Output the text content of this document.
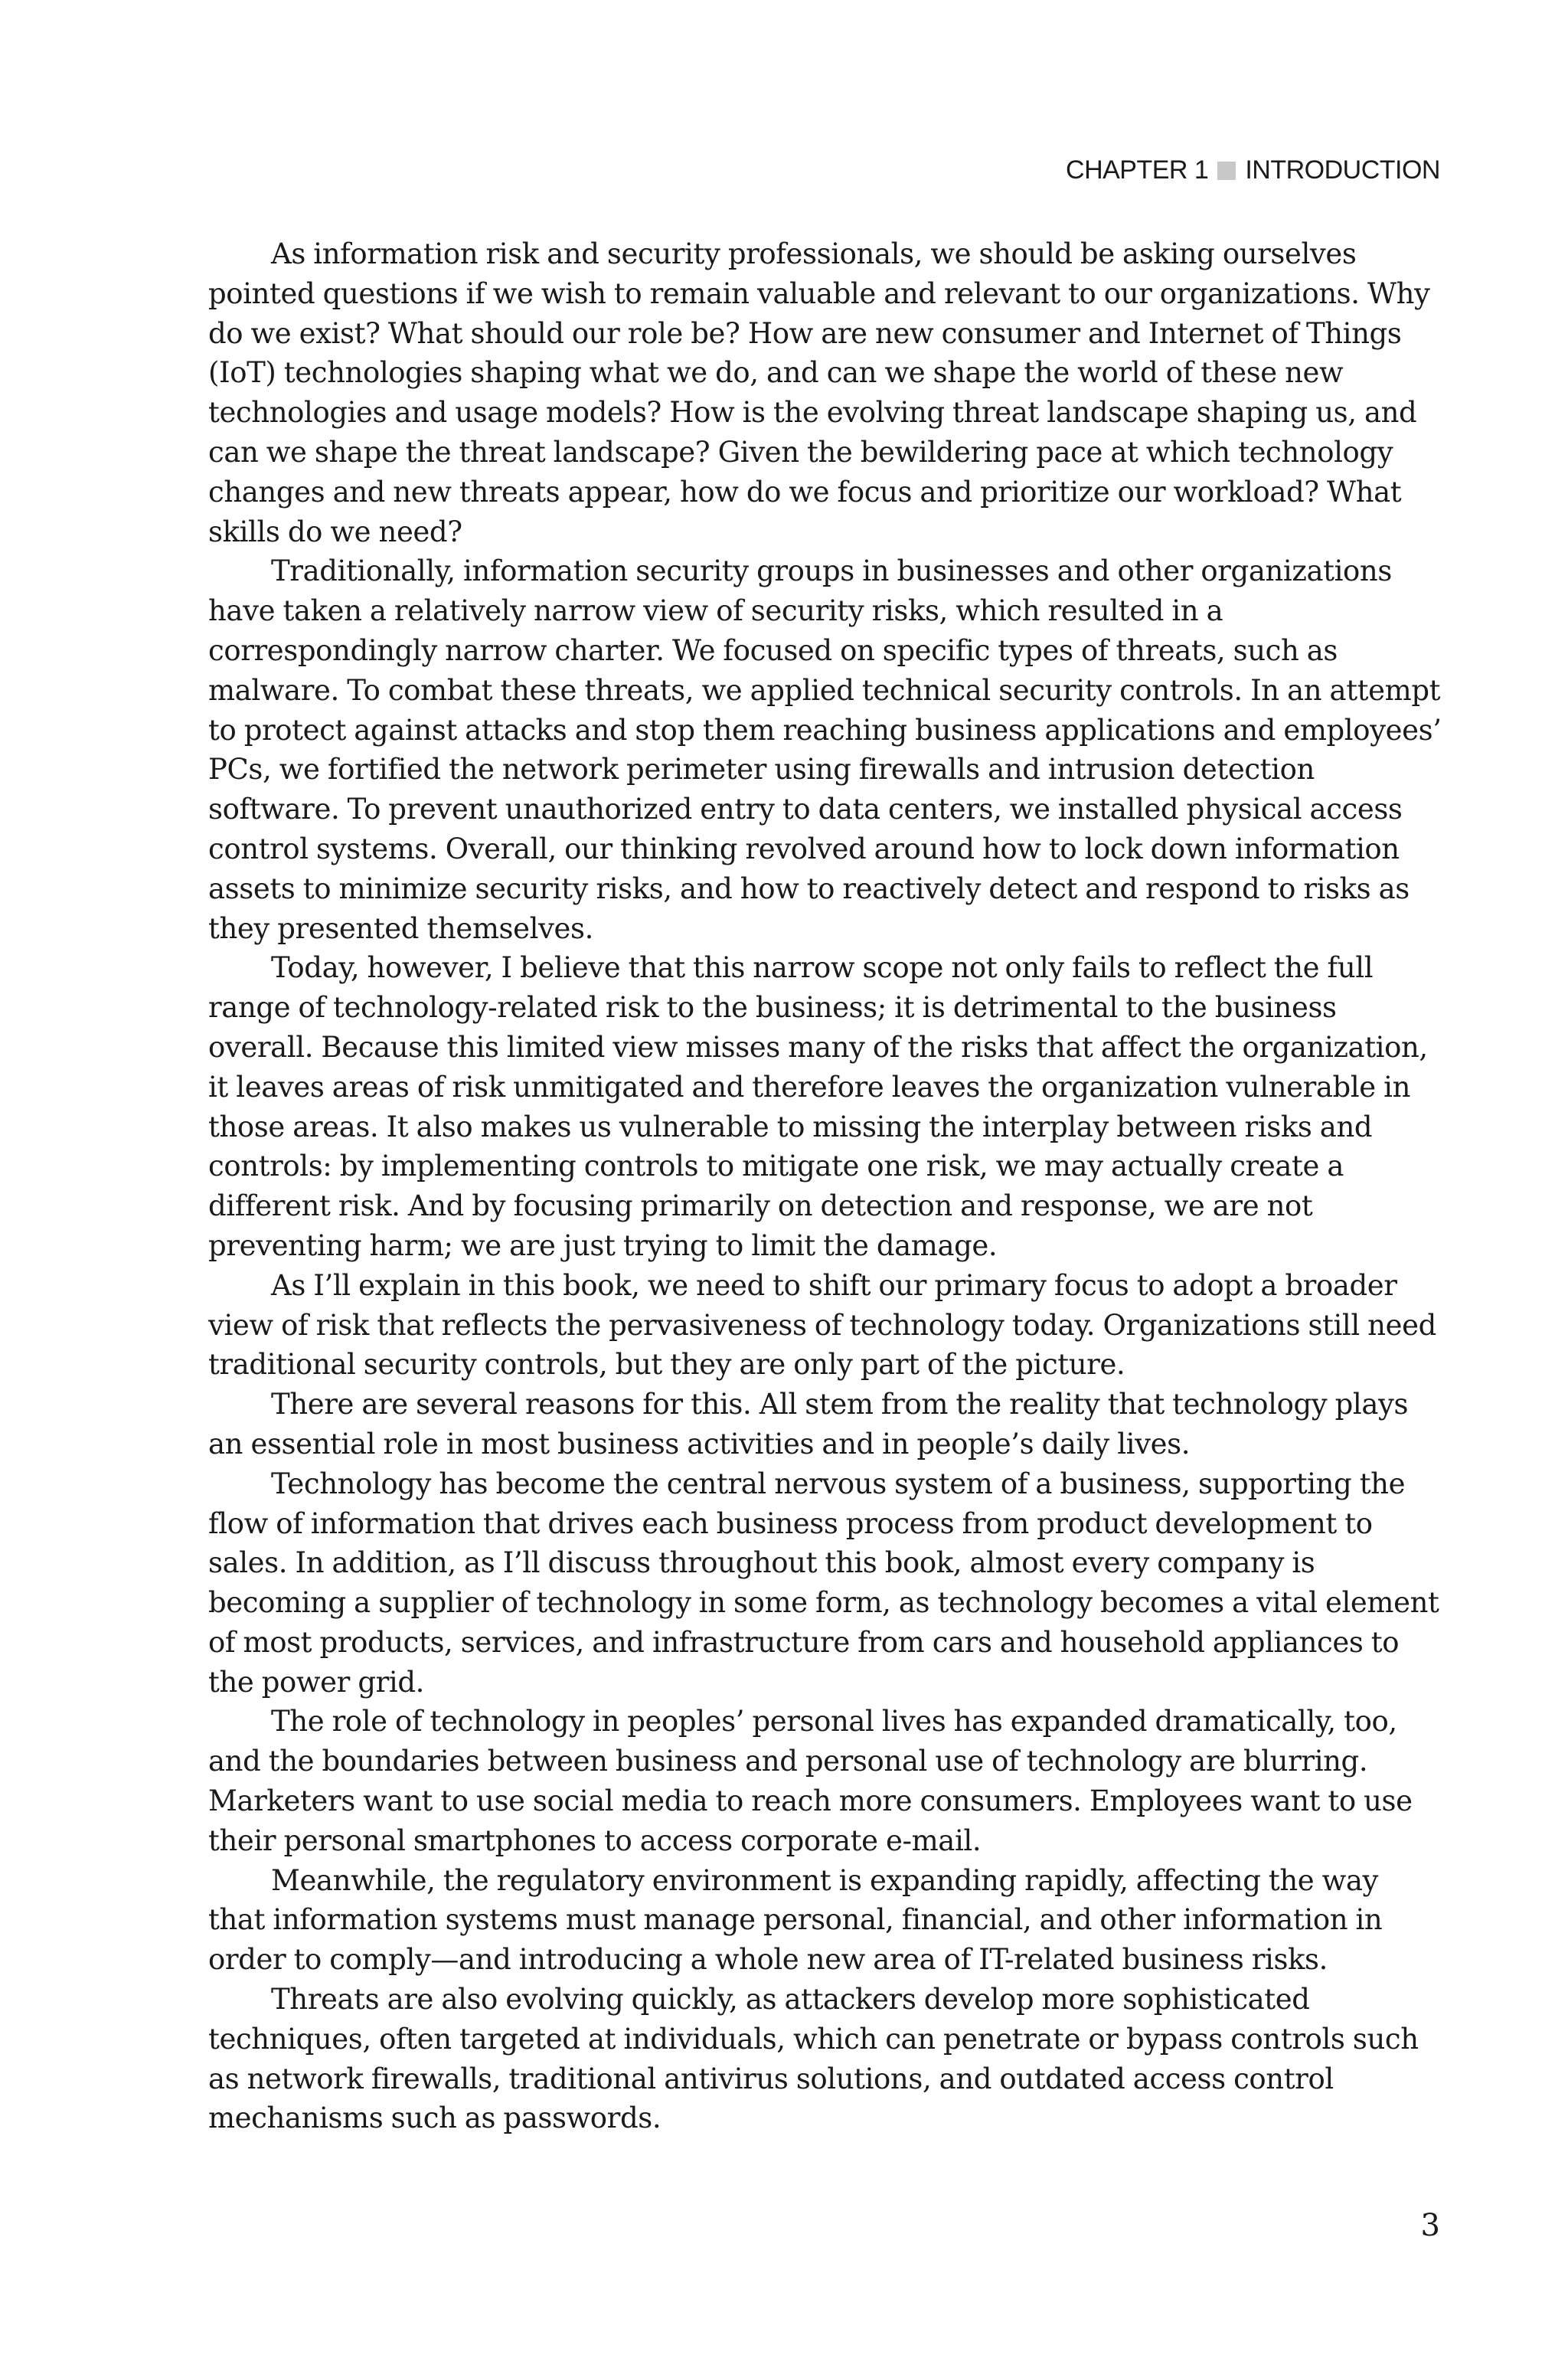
CHAPTER 1 INTRODUCTION

As information risk and security professionals, we should be asking ourselves pointed questions if we wish to remain valuable and relevant to our organizations. Why do we exist? What should our role be? How are new consumer and Internet of Things (IoT) technologies shaping what we do, and can we shape the world of these new technologies and usage models? How is the evolving threat landscape shaping us, and can we shape the threat landscape? Given the bewildering pace at which technology changes and new threats appear, how do we focus and prioritize our workload? What skills do we need?

Traditionally, information security groups in businesses and other organizations have taken a relatively narrow view of security risks, which resulted in a correspondingly narrow charter. We focused on specific types of threats, such as malware. To combat these threats, we applied technical security controls. In an attempt to protect against attacks and stop them reaching business applications and employees’ PCs, we fortified the network perimeter using firewalls and intrusion detection software. To prevent unauthorized entry to data centers, we installed physical access control systems. Overall, our thinking revolved around how to lock down information assets to minimize security risks, and how to reactively detect and respond to risks as they presented themselves.

Today, however, I believe that this narrow scope not only fails to reflect the full range of technology-related risk to the business; it is detrimental to the business overall. Because this limited view misses many of the risks that affect the organization, it leaves areas of risk unmitigated and therefore leaves the organization vulnerable in those areas. It also makes us vulnerable to missing the interplay between risks and controls: by implementing controls to mitigate one risk, we may actually create a different risk. And by focusing primarily on detection and response, we are not preventing harm; we are just trying to limit the damage.

As I’ll explain in this book, we need to shift our primary focus to adopt a broader view of risk that reflects the pervasiveness of technology today. Organizations still need traditional security controls, but they are only part of the picture.

There are several reasons for this. All stem from the reality that technology plays an essential role in most business activities and in people’s daily lives.

Technology has become the central nervous system of a business, supporting the flow of information that drives each business process from product development to sales. In addition, as I’ll discuss throughout this book, almost every company is becoming a supplier of technology in some form, as technology becomes a vital element of most products, services, and infrastructure from cars and household appliances to the power grid.

The role of technology in peoples’ personal lives has expanded dramatically, too, and the boundaries between business and personal use of technology are blurring. Marketers want to use social media to reach more consumers. Employees want to use their personal smartphones to access corporate e-mail.

Meanwhile, the regulatory environment is expanding rapidly, affecting the way that information systems must manage personal, financial, and other information in order to comply—and introducing a whole new area of IT-related business risks.

Threats are also evolving quickly, as attackers develop more sophisticated techniques, often targeted at individuals, which can penetrate or bypass controls such as network firewalls, traditional antivirus solutions, and outdated access control mechanisms such as passwords.

3
